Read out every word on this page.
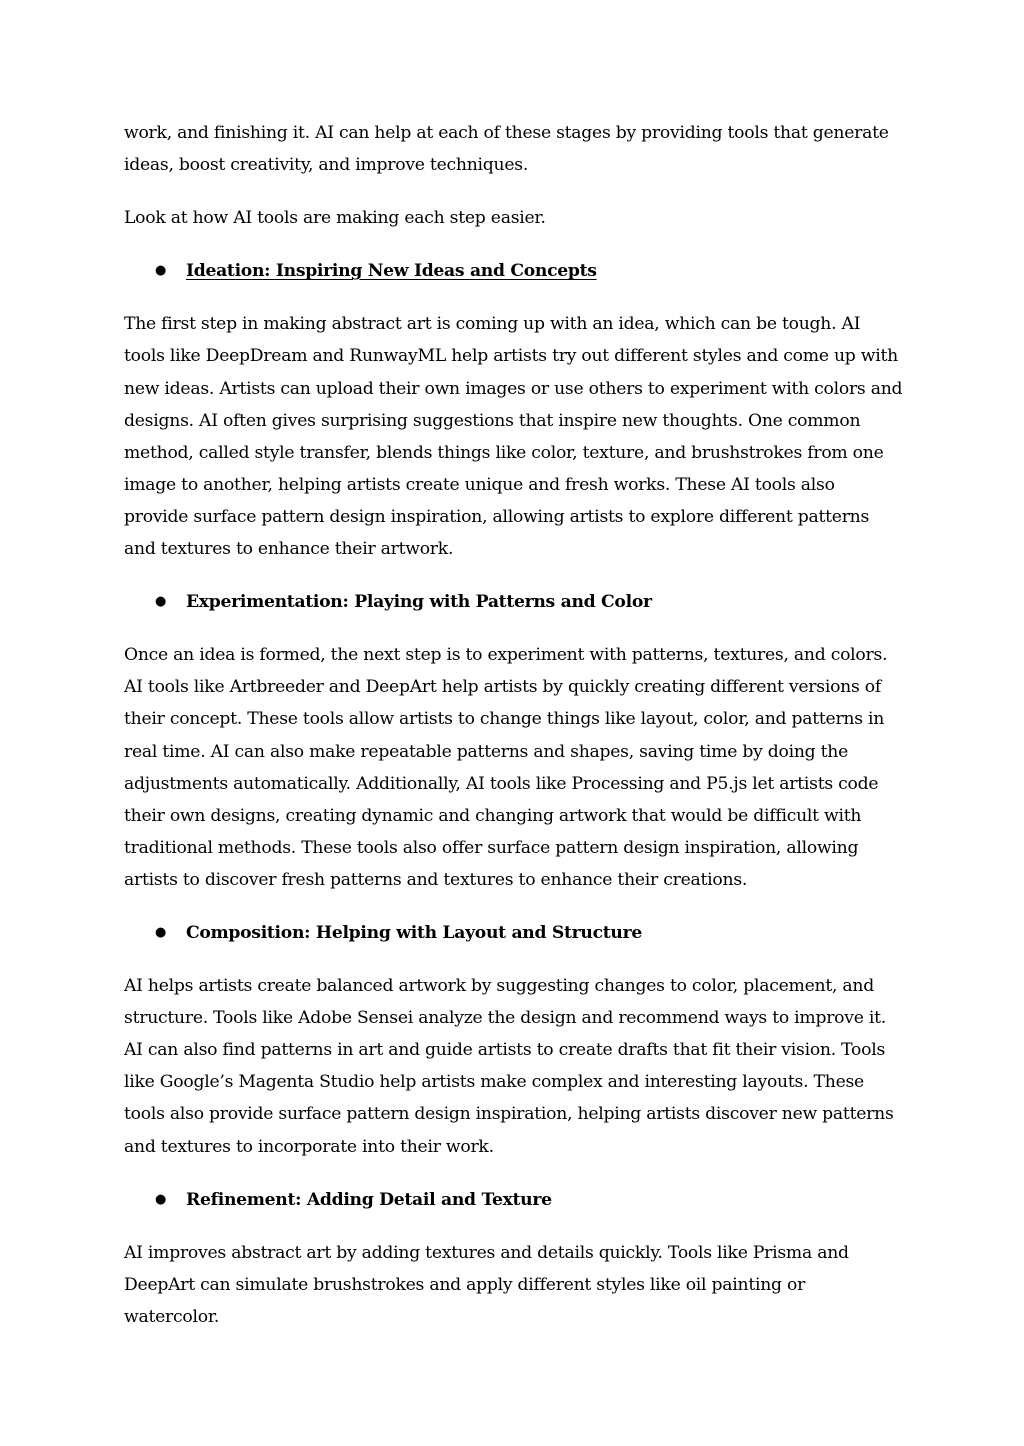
work, and finishing it. AI can help at each of these stages by providing tools that generate ideas, boost creativity, and improve techniques.

Look at how AI tools are making each step easier.

● Ideation: Inspiring New Ideas and Concepts

The first step in making abstract art is coming up with an idea, which can be tough. AI tools like DeepDream and RunwayML help artists try out different styles and come up with new ideas. Artists can upload their own images or use others to experiment with colors and designs. AI often gives surprising suggestions that inspire new thoughts. One common method, called style transfer, blends things like color, texture, and brushstrokes from one image to another, helping artists create unique and fresh works. These AI tools also provide surface pattern design inspiration, allowing artists to explore different patterns and textures to enhance their artwork.

● Experimentation: Playing with Patterns and Color

Once an idea is formed, the next step is to experiment with patterns, textures, and colors. AI tools like Artbreeder and DeepArt help artists by quickly creating different versions of their concept. These tools allow artists to change things like layout, color, and patterns in real time. AI can also make repeatable patterns and shapes, saving time by doing the adjustments automatically. Additionally, AI tools like Processing and P5.js let artists code their own designs, creating dynamic and changing artwork that would be difficult with traditional methods. These tools also offer surface pattern design inspiration, allowing artists to discover fresh patterns and textures to enhance their creations.

● Composition: Helping with Layout and Structure

AI helps artists create balanced artwork by suggesting changes to color, placement, and structure. Tools like Adobe Sensei analyze the design and recommend ways to improve it. AI can also find patterns in art and guide artists to create drafts that fit their vision. Tools like Google’s Magenta Studio help artists make complex and interesting layouts. These tools also provide surface pattern design inspiration, helping artists discover new patterns and textures to incorporate into their work.

● Refinement: Adding Detail and Texture

AI improves abstract art by adding textures and details quickly. Tools like Prisma and DeepArt can simulate brushstrokes and apply different styles like oil painting or watercolor.
